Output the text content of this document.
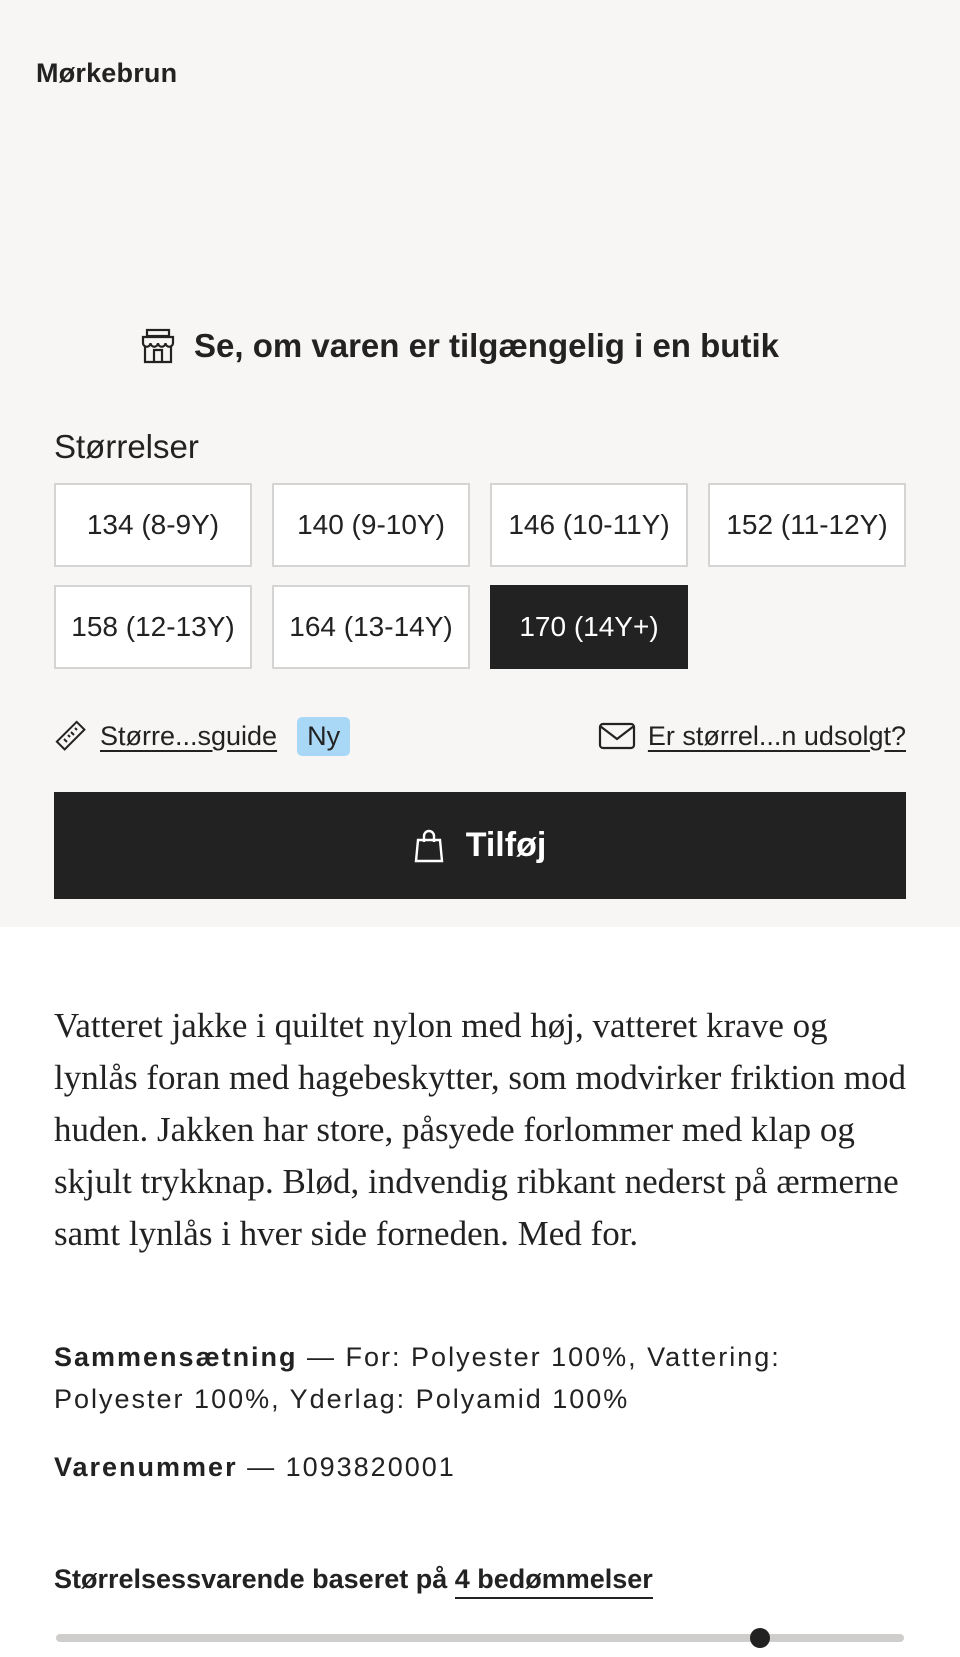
Mørkebrun
Se, om varen er tilgængelig i en butik
Størrelser
134 (8-9Y)	140 (9-10Y)	146 (10-11Y)	152 (11-12Y)
158 (12-13Y)	164 (13-14Y)	170 (14Y+)
Større...sguide	Ny	Er størrel...n udsolgt?
Tilføj

Vatteret jakke i quiltet nylon med høj, vatteret krave og lynlås foran med hagebeskytter, som modvirker friktion mod huden. Jakken har store, påsyede forlommer med klap og skjult trykknap. Blød, indvendig ribkant nederst på ærmerne samt lynlås i hver side forneden. Med for.

Sammensætning — For: Polyester 100%, Vattering: Polyester 100%, Yderlag: Polyamid 100%

Varenummer — 1093820001

Størrelsessvarende baseret på 4 bedømmelser
